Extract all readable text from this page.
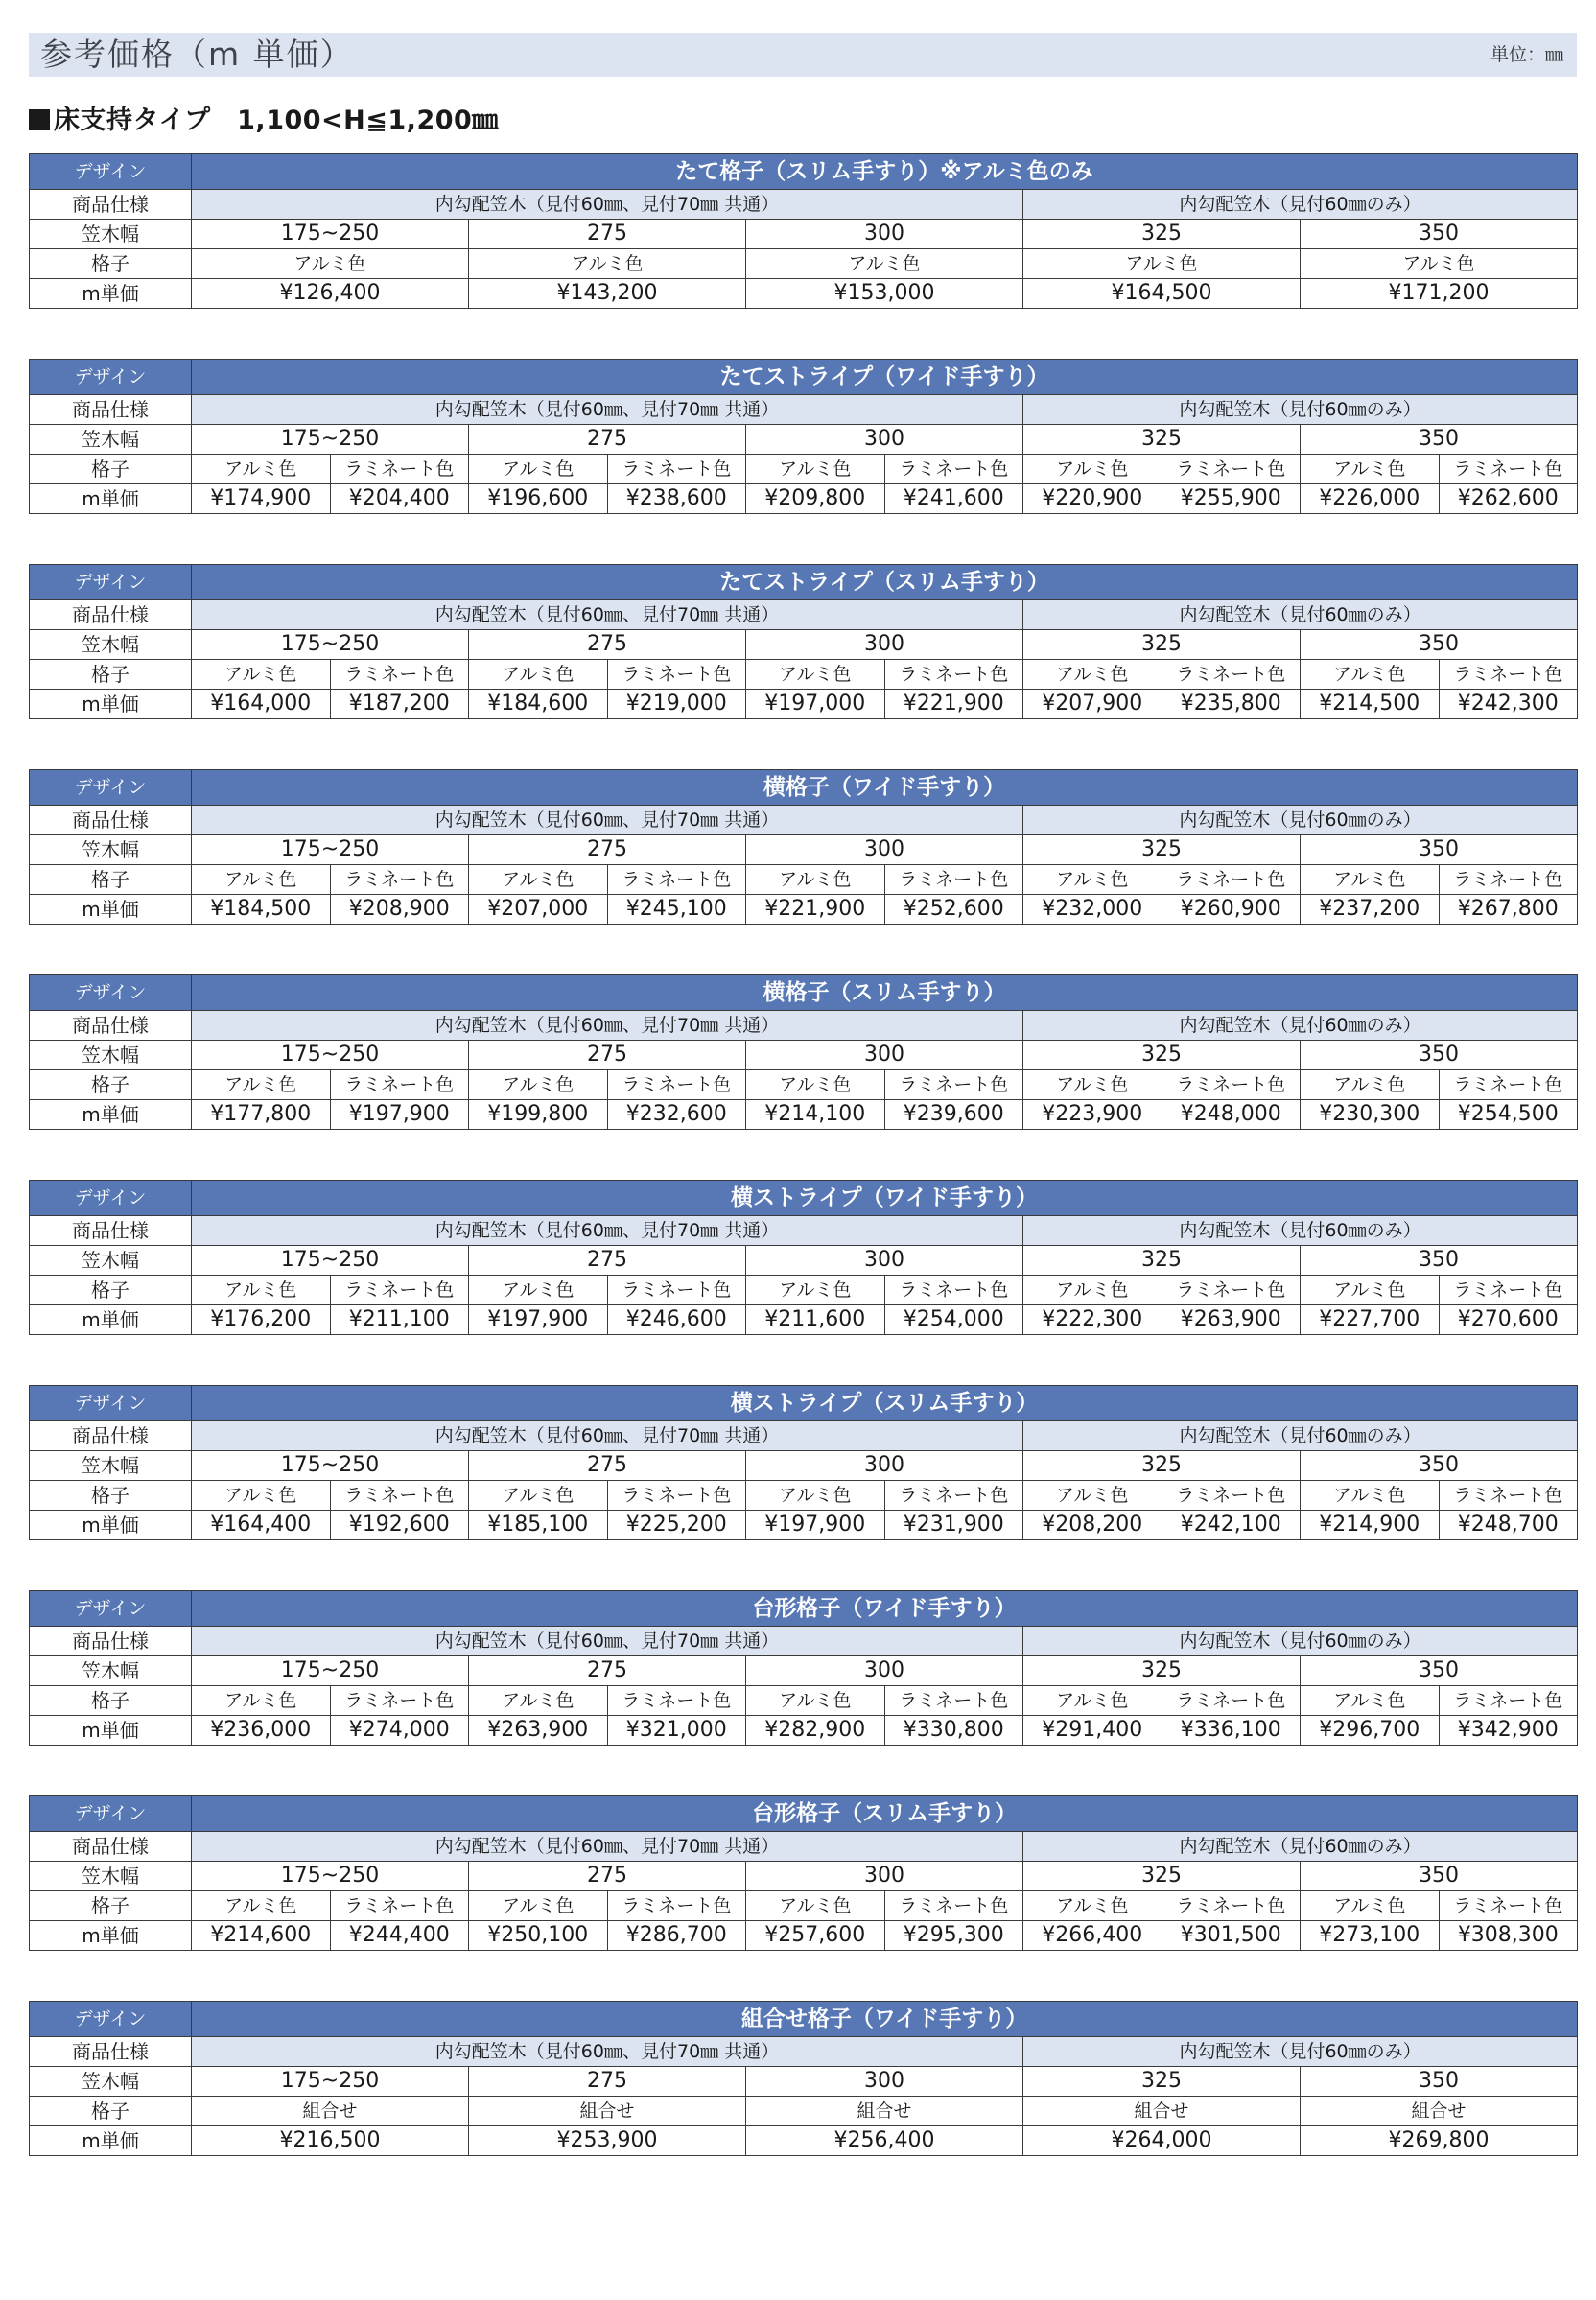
参考価格（m 単価）	単位：㎜
床支持タイプ　1,100<H≦1,200㎜
デザイン	たて格子（スリム手すり）※アルミ色のみ				
商品仕様	内勾配笠木（見付60㎜、見付70㎜ 共通）			内勾配笠木（見付60㎜のみ）	
笠木幅	175~250	275	300	325	350
格子	アルミ色	アルミ色	アルミ色	アルミ色	アルミ色
m単価	¥126,400	¥143,200	¥153,000	¥164,500	¥171,200
デザイン	たてストライプ（ワイド手すり）									
商品仕様	内勾配笠木（見付60㎜、見付70㎜ 共通）						内勾配笠木（見付60㎜のみ）			
笠木幅	175~250		275		300		325		350	
格子	アルミ色	ラミネート色	アルミ色	ラミネート色	アルミ色	ラミネート色	アルミ色	ラミネート色	アルミ色	ラミネート色
m単価	¥174,900	¥204,400	¥196,600	¥238,600	¥209,800	¥241,600	¥220,900	¥255,900	¥226,000	¥262,600
デザイン	たてストライプ（スリム手すり）									
商品仕様	内勾配笠木（見付60㎜、見付70㎜ 共通）						内勾配笠木（見付60㎜のみ）			
笠木幅	175~250		275		300		325		350	
格子	アルミ色	ラミネート色	アルミ色	ラミネート色	アルミ色	ラミネート色	アルミ色	ラミネート色	アルミ色	ラミネート色
m単価	¥164,000	¥187,200	¥184,600	¥219,000	¥197,000	¥221,900	¥207,900	¥235,800	¥214,500	¥242,300
デザイン	横格子（ワイド手すり）									
商品仕様	内勾配笠木（見付60㎜、見付70㎜ 共通）						内勾配笠木（見付60㎜のみ）			
笠木幅	175~250		275		300		325		350	
格子	アルミ色	ラミネート色	アルミ色	ラミネート色	アルミ色	ラミネート色	アルミ色	ラミネート色	アルミ色	ラミネート色
m単価	¥184,500	¥208,900	¥207,000	¥245,100	¥221,900	¥252,600	¥232,000	¥260,900	¥237,200	¥267,800
デザイン	横格子（スリム手すり）									
商品仕様	内勾配笠木（見付60㎜、見付70㎜ 共通）						内勾配笠木（見付60㎜のみ）			
笠木幅	175~250		275		300		325		350	
格子	アルミ色	ラミネート色	アルミ色	ラミネート色	アルミ色	ラミネート色	アルミ色	ラミネート色	アルミ色	ラミネート色
m単価	¥177,800	¥197,900	¥199,800	¥232,600	¥214,100	¥239,600	¥223,900	¥248,000	¥230,300	¥254,500
デザイン	横ストライプ（ワイド手すり）									
商品仕様	内勾配笠木（見付60㎜、見付70㎜ 共通）						内勾配笠木（見付60㎜のみ）			
笠木幅	175~250		275		300		325		350	
格子	アルミ色	ラミネート色	アルミ色	ラミネート色	アルミ色	ラミネート色	アルミ色	ラミネート色	アルミ色	ラミネート色
m単価	¥176,200	¥211,100	¥197,900	¥246,600	¥211,600	¥254,000	¥222,300	¥263,900	¥227,700	¥270,600
デザイン	横ストライプ（スリム手すり）									
商品仕様	内勾配笠木（見付60㎜、見付70㎜ 共通）						内勾配笠木（見付60㎜のみ）			
笠木幅	175~250		275		300		325		350	
格子	アルミ色	ラミネート色	アルミ色	ラミネート色	アルミ色	ラミネート色	アルミ色	ラミネート色	アルミ色	ラミネート色
m単価	¥164,400	¥192,600	¥185,100	¥225,200	¥197,900	¥231,900	¥208,200	¥242,100	¥214,900	¥248,700
デザイン	台形格子（ワイド手すり）									
商品仕様	内勾配笠木（見付60㎜、見付70㎜ 共通）						内勾配笠木（見付60㎜のみ）			
笠木幅	175~250		275		300		325		350	
格子	アルミ色	ラミネート色	アルミ色	ラミネート色	アルミ色	ラミネート色	アルミ色	ラミネート色	アルミ色	ラミネート色
m単価	¥236,000	¥274,000	¥263,900	¥321,000	¥282,900	¥330,800	¥291,400	¥336,100	¥296,700	¥342,900
デザイン	台形格子（スリム手すり）									
商品仕様	内勾配笠木（見付60㎜、見付70㎜ 共通）						内勾配笠木（見付60㎜のみ）			
笠木幅	175~250		275		300		325		350	
格子	アルミ色	ラミネート色	アルミ色	ラミネート色	アルミ色	ラミネート色	アルミ色	ラミネート色	アルミ色	ラミネート色
m単価	¥214,600	¥244,400	¥250,100	¥286,700	¥257,600	¥295,300	¥266,400	¥301,500	¥273,100	¥308,300
デザイン	組合せ格子（ワイド手すり）				
商品仕様	内勾配笠木（見付60㎜、見付70㎜ 共通）			内勾配笠木（見付60㎜のみ）	
笠木幅	175~250	275	300	325	350
格子	組合せ	組合せ	組合せ	組合せ	組合せ
m単価	¥216,500	¥253,900	¥256,400	¥264,000	¥269,800
